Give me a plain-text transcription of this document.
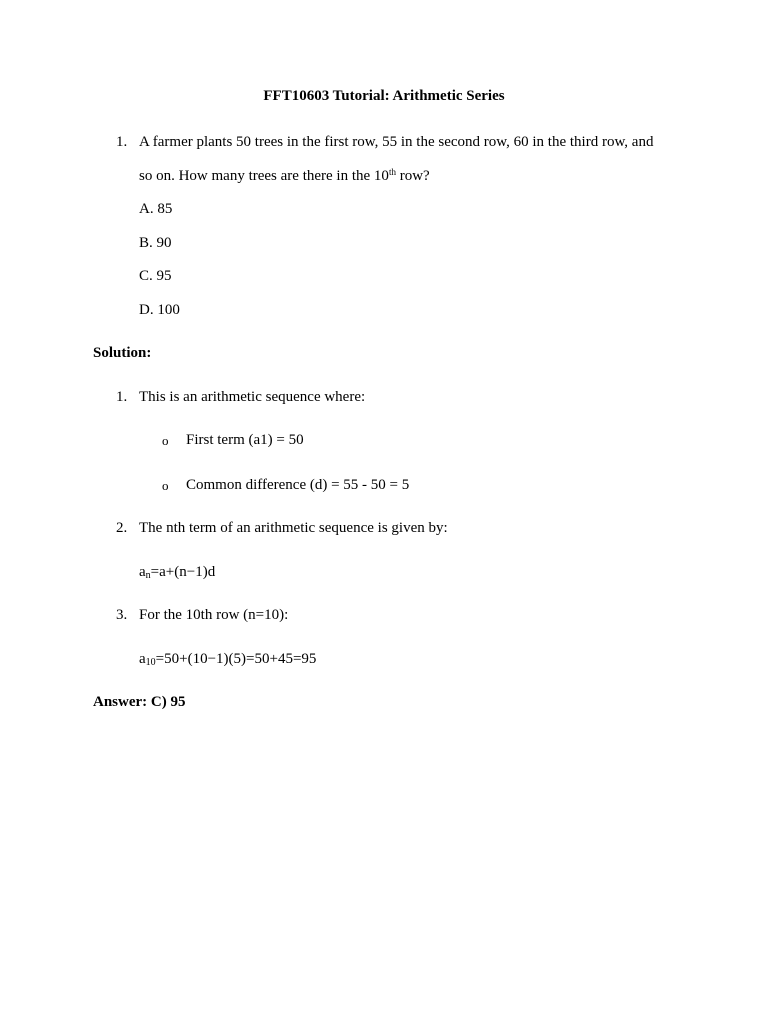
FFT10603 Tutorial: Arithmetic Series
1. A farmer plants 50 trees in the first row, 55 in the second row, 60 in the third row, and
so on. How many trees are there in the 10th row?
A. 85
B. 90
C. 95
D. 100
Solution:
1. This is an arithmetic sequence where:
o First term (a1) = 50
o Common difference (d) = 55 - 50 = 5
2. The nth term of an arithmetic sequence is given by:
$a_n=a+(n-1)d$
3. For the 10th row (n=10):
$a_{10}=50+(10-1)(5)=50+45=95$
Answer: C) 95
